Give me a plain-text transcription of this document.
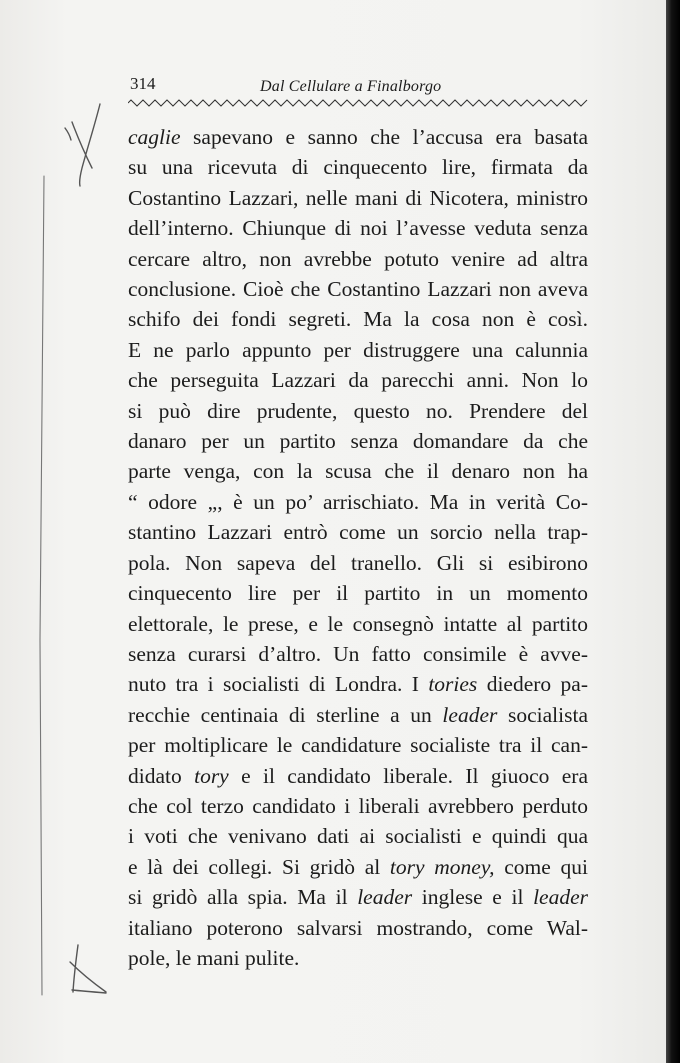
314	Dal Cellulare a Finalborgo
caglie sapevano e sanno che l’accusa era basata
su una ricevuta di cinquecento lire, firmata da
Costantino Lazzari, nelle mani di Nicotera, ministro
dell’interno. Chiunque di noi l’avesse veduta senza
cercare altro, non avrebbe potuto venire ad altra
conclusione. Cioè che Costantino Lazzari non aveva
schifo dei fondi segreti. Ma la cosa non è così.
E ne parlo appunto per distruggere una calunnia
che perseguita Lazzari da parecchi anni. Non lo
si può dire prudente, questo no. Prendere del
danaro per un partito senza domandare da che
parte venga, con la scusa che il denaro non ha
“ odore „, è un po’ arrischiato. Ma in verità Co-
stantino Lazzari entrò come un sorcio nella trap-
pola. Non sapeva del tranello. Gli si esibirono
cinquecento lire per il partito in un momento
elettorale, le prese, e le consegnò intatte al partito
senza curarsi d’altro. Un fatto consimile è avve-
nuto tra i socialisti di Londra. I tories diedero pa-
recchie centinaia di sterline a un leader socialista
per moltiplicare le candidature socialiste tra il can-
didato tory e il candidato liberale. Il giuoco era
che col terzo candidato i liberali avrebbero perduto
i voti che venivano dati ai socialisti e quindi qua
e là dei collegi. Si gridò al tory money, come qui
si gridò alla spia. Ma il leader inglese e il leader
italiano poterono salvarsi mostrando, come Wal-
pole, le mani pulite.
